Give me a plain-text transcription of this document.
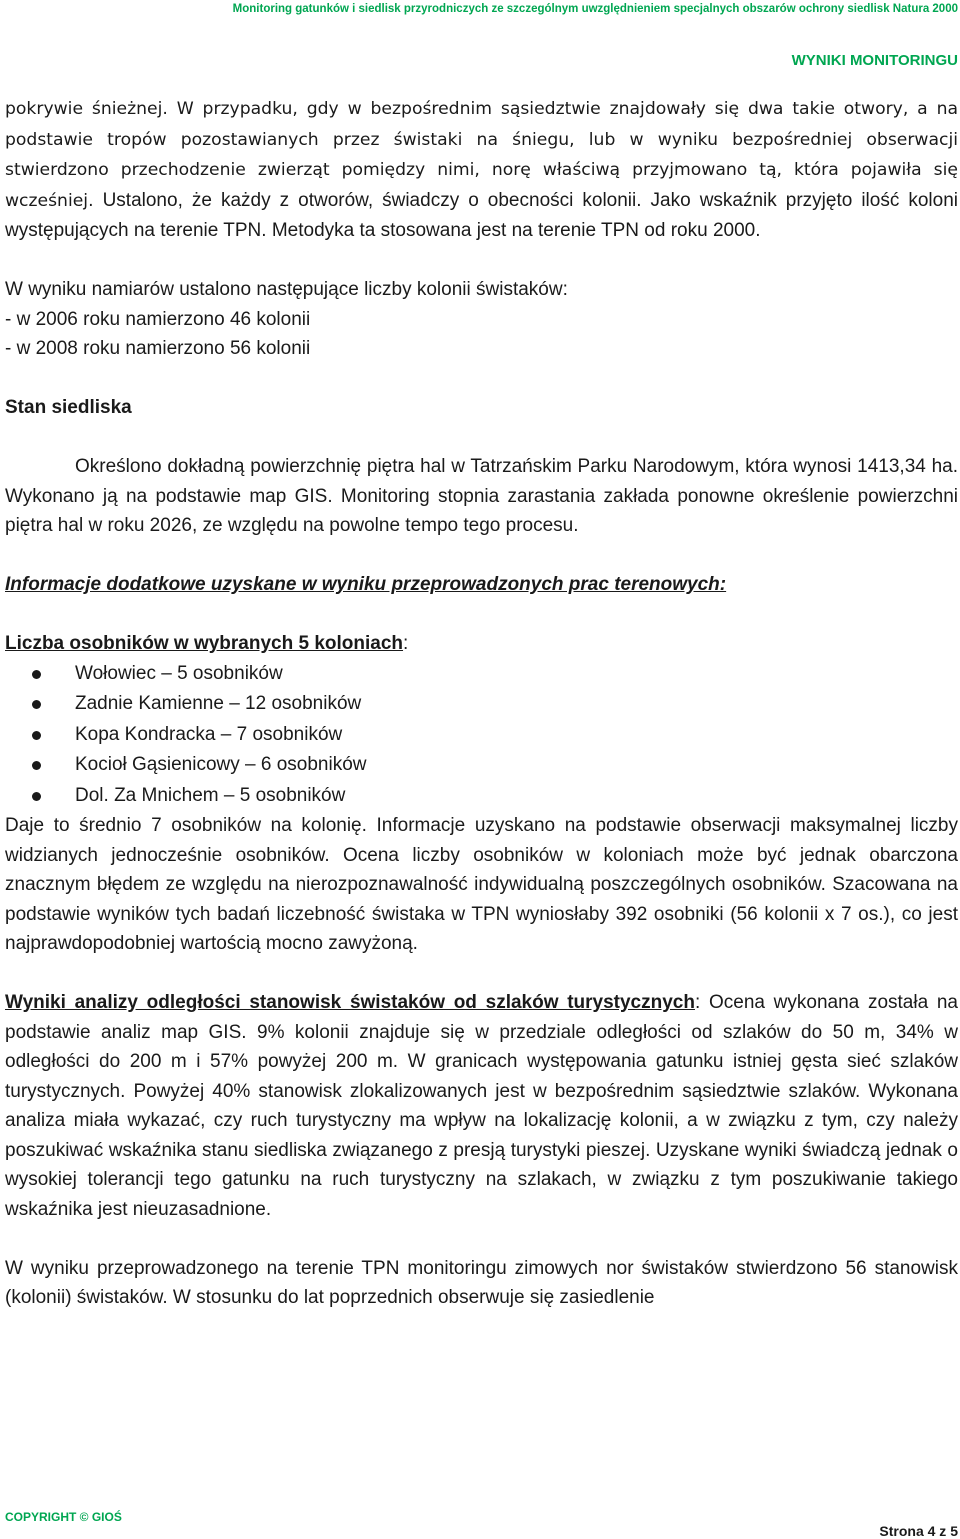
Monitoring gatunków i siedlisk przyrodniczych ze szczególnym uwzględnieniem specjalnych obszarów ochrony siedlisk Natura 2000
WYNIKI MONITORINGU

pokrywie śnieżnej. W przypadku, gdy w bezpośrednim sąsiedztwie znajdowały się dwa takie otwory, a na podstawie tropów pozostawianych przez świstaki na śniegu, lub w wyniku bezpośredniej obserwacji stwierdzono przechodzenie zwierząt pomiędzy nimi, norę właściwą przyjmowano tą, która pojawiła się wcześniej. Ustalono, że każdy z otworów, świadczy o obecności kolonii. Jako wskaźnik przyjęto ilość koloni występujących na terenie TPN. Metodyka ta stosowana jest na terenie TPN od roku 2000.

W wyniku namiarów ustalono następujące liczby kolonii świstaków:

- w 2006 roku namierzono 46 kolonii

- w 2008 roku namierzono 56 kolonii

Stan siedliska

Określono dokładną powierzchnię piętra hal w Tatrzańskim Parku Narodowym, która wynosi 1413,34 ha. Wykonano ją na podstawie map GIS. Monitoring stopnia zarastania zakłada ponowne określenie powierzchni piętra hal w roku 2026, ze względu na powolne tempo tego procesu.

Informacje dodatkowe uzyskane w wyniku przeprowadzonych prac terenowych:

Liczba osobników w wybranych 5 koloniach:

Wołowiec – 5 osobników
Zadnie Kamienne – 12 osobników
Kopa Kondracka – 7 osobników
Kocioł Gąsienicowy – 6 osobników
Dol. Za Mnichem – 5 osobników

Daje to średnio 7 osobników na kolonię. Informacje uzyskano na podstawie obserwacji maksymalnej liczby widzianych jednocześnie osobników. Ocena liczby osobników w koloniach może być jednak obarczona znacznym błędem ze względu na nierozpoznawalność indywidualną poszczególnych osobników. Szacowana na podstawie wyników tych badań liczebność świstaka w TPN wyniosłaby 392 osobniki (56 kolonii x 7 os.), co jest najprawdopodobniej wartością mocno zawyżoną.

Wyniki analizy odległości stanowisk świstaków od szlaków turystycznych: Ocena wykonana została na podstawie analiz map GIS. 9% kolonii znajduje się w przedziale odległości od szlaków do 50 m, 34% w odległości do 200 m i 57% powyżej 200 m. W granicach występowania gatunku istniej gęsta sieć szlaków turystycznych. Powyżej 40% stanowisk zlokalizowanych jest w bezpośrednim sąsiedztwie szlaków. Wykonana analiza miała wykazać, czy ruch turystyczny ma wpływ na lokalizację kolonii, a w związku z tym, czy należy poszukiwać wskaźnika stanu siedliska związanego z presją turystyki pieszej. Uzyskane wyniki świadczą jednak o wysokiej tolerancji tego gatunku na ruch turystyczny na szlakach, w związku z tym poszukiwanie takiego wskaźnika jest nieuzasadnione.

W wyniku przeprowadzonego na terenie TPN monitoringu zimowych nor świstaków stwierdzono 56 stanowisk (kolonii) świstaków. W stosunku do lat poprzednich obserwuje się zasiedlenie

COPYRIGHT © GIOŚ
Strona 4 z 5
